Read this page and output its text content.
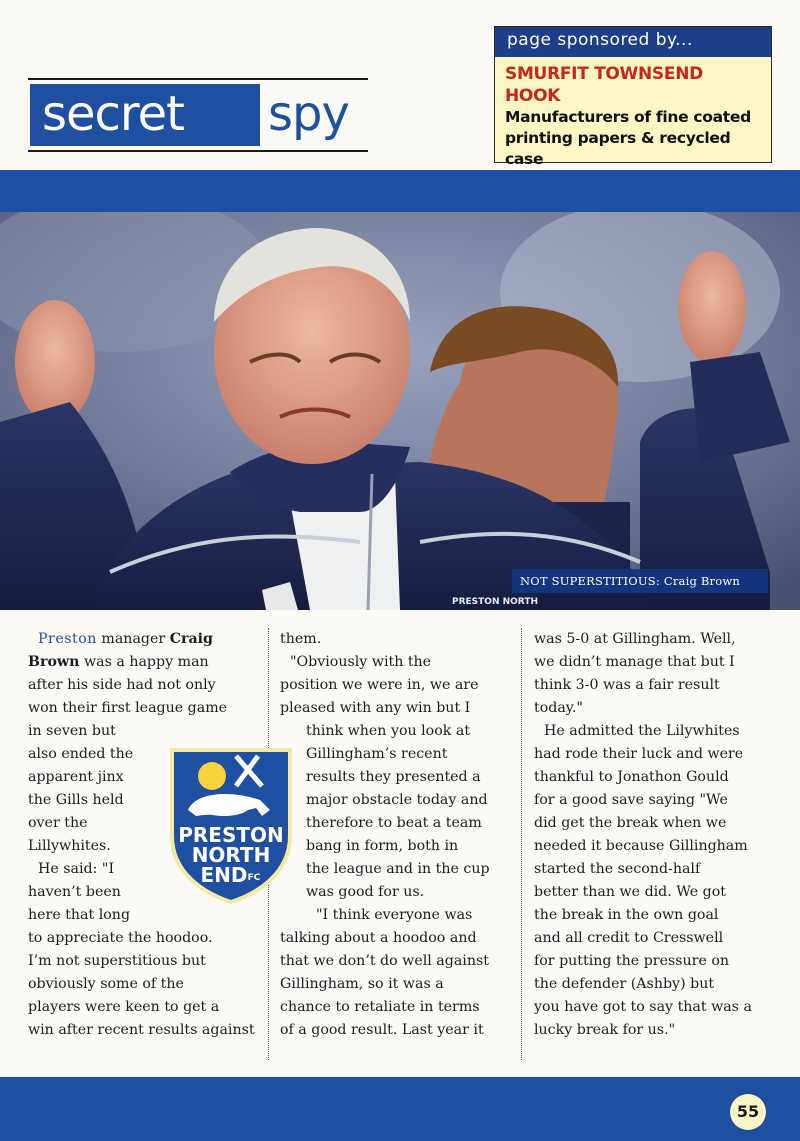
secret spy
page sponsored by...
SMURFIT TOWNSEND HOOK
Manufacturers of fine coated
printing papers & recycled case
PRESTON NORTH
NOT SUPERSTITIOUS: Craig Brown
Preston manager Craig
Brown was a happy man
after his side had not only
won their first league game
in seven but
also ended the
apparent jinx
the Gills held
over the
Lillywhites.
He said: "I
haven’t been
here that long
to appreciate the hoodoo.
I’m not superstitious but
obviously some of the
players were keen to get a
win after recent results against
PRESTON
NORTH
END FC
them.
"Obviously with the
position we were in, we are
pleased with any win but I
think when you look at
Gillingham’s recent
results they presented a
major obstacle today and
therefore to beat a team
bang in form, both in
the league and in the cup
was good for us.
"I think everyone was
talking about a hoodoo and
that we don’t do well against
Gillingham, so it was a
chance to retaliate in terms
of a good result. Last year it
was 5-0 at Gillingham. Well,
we didn’t manage that but I
think 3-0 was a fair result
today."
He admitted the Lilywhites
had rode their luck and were
thankful to Jonathon Gould
for a good save saying "We
did get the break when we
needed it because Gillingham
started the second-half
better than we did. We got
the break in the own goal
and all credit to Cresswell
for putting the pressure on
the defender (Ashby) but
you have got to say that was a
lucky break for us."
55
